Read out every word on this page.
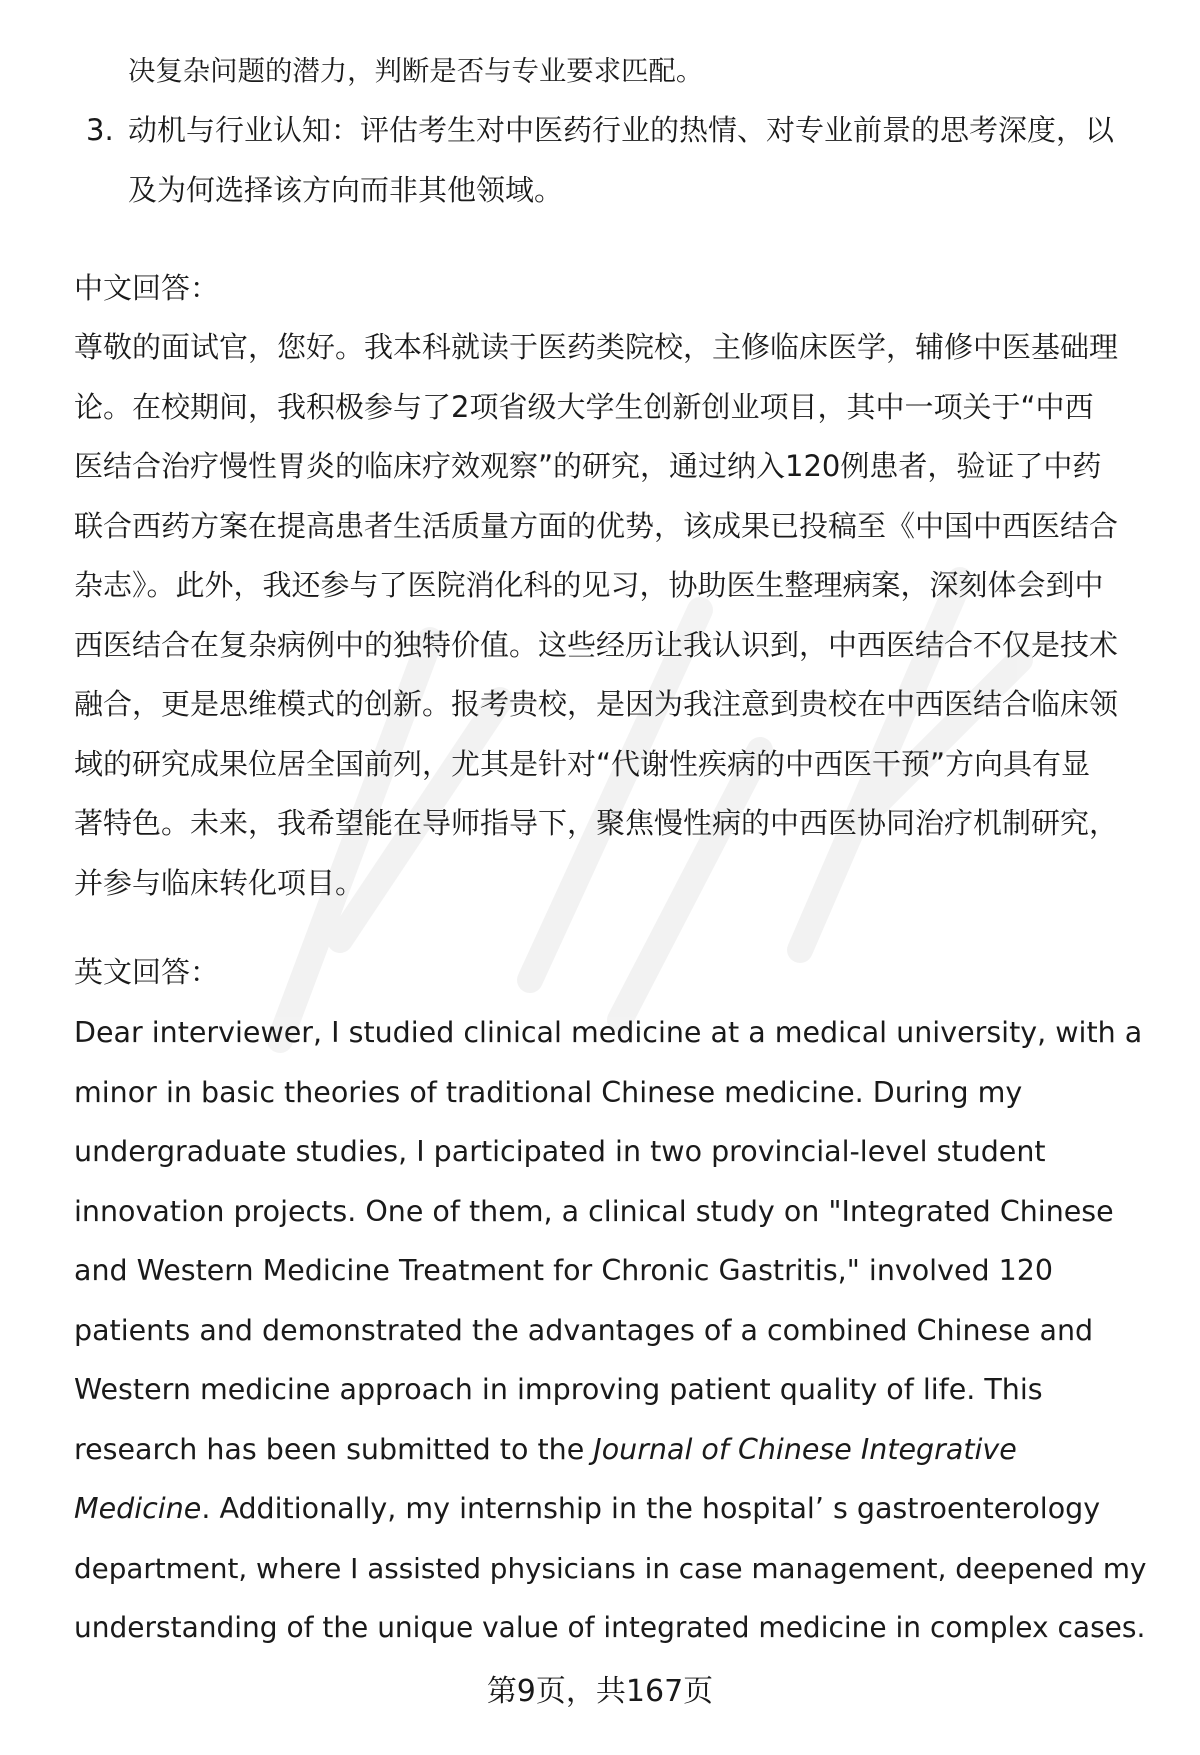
决复杂问题的潜力，判断是否与专业要求匹配。
3. 动机与行业认知：评估考生对中医药行业的热情、对专业前景的思考深度，以
及为何选择该方向而非其他领域。
中文回答：
尊敬的面试官，您好。我本科就读于医药类院校，主修临床医学，辅修中医基础理
论。在校期间，我积极参与了2项省级大学生创新创业项目，其中一项关于“中西
医结合治疗慢性胃炎的临床疗效观察”的研究，通过纳入120例患者，验证了中药
联合西药方案在提高患者生活质量方面的优势，该成果已投稿至《中国中西医结合
杂志》。此外，我还参与了医院消化科的见习，协助医生整理病案，深刻体会到中
西医结合在复杂病例中的独特价值。这些经历让我认识到，中西医结合不仅是技术
融合，更是思维模式的创新。报考贵校，是因为我注意到贵校在中西医结合临床领
域的研究成果位居全国前列，尤其是针对“代谢性疾病的中西医干预”方向具有显
著特色。未来，我希望能在导师指导下，聚焦慢性病的中西医协同治疗机制研究，
并参与临床转化项目。
英文回答：
Dear interviewer, I studied clinical medicine at a medical university, with a
minor in basic theories of traditional Chinese medicine. During my
undergraduate studies, I participated in two provincial-level student
innovation projects. One of them, a clinical study on "Integrated Chinese
and Western Medicine Treatment for Chronic Gastritis," involved 120
patients and demonstrated the advantages of a combined Chinese and
Western medicine approach in improving patient quality of life. This
research has been submitted to the Journal of Chinese Integrative
Medicine. Additionally, my internship in the hospital’ s gastroenterology
department, where I assisted physicians in case management, deepened my
understanding of the unique value of integrated medicine in complex cases.
第9页，共167页
